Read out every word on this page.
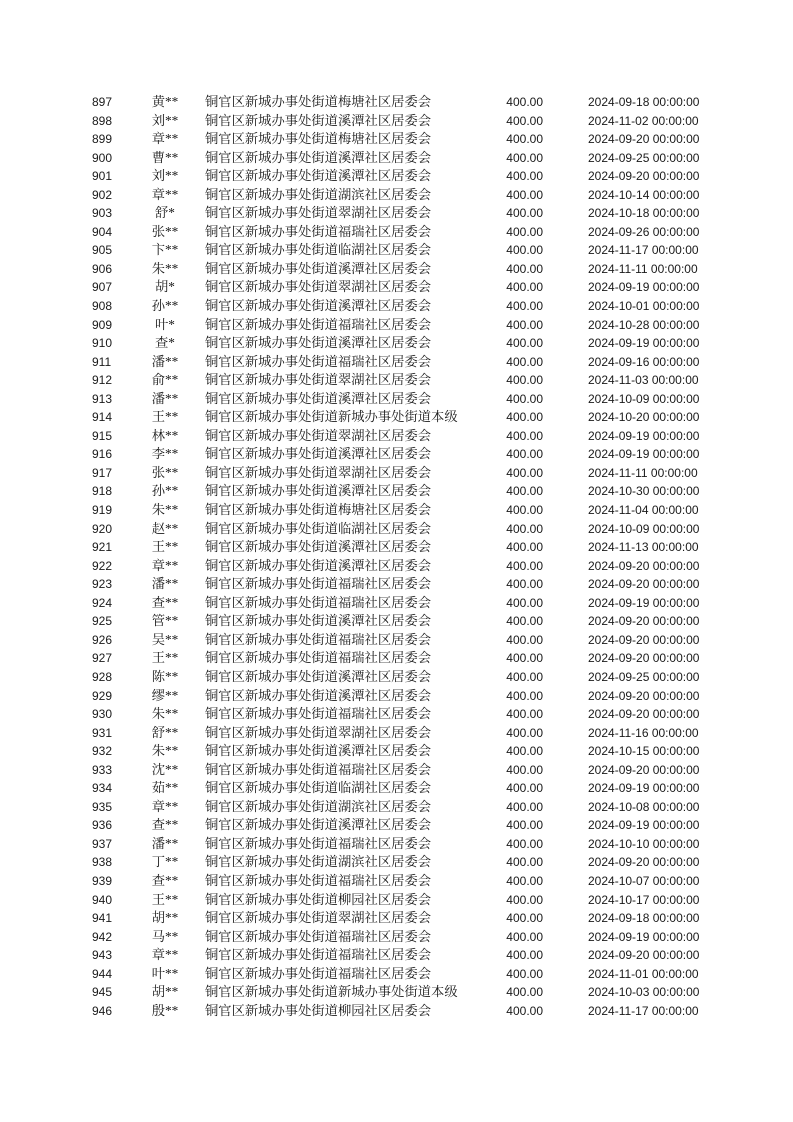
897	黄**	铜官区新城办事处街道梅塘社区居委会	400.00	2024-09-18 00:00:00
898	刘**	铜官区新城办事处街道溪潭社区居委会	400.00	2024-11-02 00:00:00
899	章**	铜官区新城办事处街道梅塘社区居委会	400.00	2024-09-20 00:00:00
900	曹**	铜官区新城办事处街道溪潭社区居委会	400.00	2024-09-25 00:00:00
901	刘**	铜官区新城办事处街道溪潭社区居委会	400.00	2024-09-20 00:00:00
902	章**	铜官区新城办事处街道湖滨社区居委会	400.00	2024-10-14 00:00:00
903	舒*	铜官区新城办事处街道翠湖社区居委会	400.00	2024-10-18 00:00:00
904	张**	铜官区新城办事处街道福瑞社区居委会	400.00	2024-09-26 00:00:00
905	卞**	铜官区新城办事处街道临湖社区居委会	400.00	2024-11-17 00:00:00
906	朱**	铜官区新城办事处街道溪潭社区居委会	400.00	2024-11-11 00:00:00
907	胡*	铜官区新城办事处街道翠湖社区居委会	400.00	2024-09-19 00:00:00
908	孙**	铜官区新城办事处街道溪潭社区居委会	400.00	2024-10-01 00:00:00
909	叶*	铜官区新城办事处街道福瑞社区居委会	400.00	2024-10-28 00:00:00
910	查*	铜官区新城办事处街道溪潭社区居委会	400.00	2024-09-19 00:00:00
911	潘**	铜官区新城办事处街道福瑞社区居委会	400.00	2024-09-16 00:00:00
912	俞**	铜官区新城办事处街道翠湖社区居委会	400.00	2024-11-03 00:00:00
913	潘**	铜官区新城办事处街道溪潭社区居委会	400.00	2024-10-09 00:00:00
914	王**	铜官区新城办事处街道新城办事处街道本级	400.00	2024-10-20 00:00:00
915	林**	铜官区新城办事处街道翠湖社区居委会	400.00	2024-09-19 00:00:00
916	李**	铜官区新城办事处街道溪潭社区居委会	400.00	2024-09-19 00:00:00
917	张**	铜官区新城办事处街道翠湖社区居委会	400.00	2024-11-11 00:00:00
918	孙**	铜官区新城办事处街道溪潭社区居委会	400.00	2024-10-30 00:00:00
919	朱**	铜官区新城办事处街道梅塘社区居委会	400.00	2024-11-04 00:00:00
920	赵**	铜官区新城办事处街道临湖社区居委会	400.00	2024-10-09 00:00:00
921	王**	铜官区新城办事处街道溪潭社区居委会	400.00	2024-11-13 00:00:00
922	章**	铜官区新城办事处街道溪潭社区居委会	400.00	2024-09-20 00:00:00
923	潘**	铜官区新城办事处街道福瑞社区居委会	400.00	2024-09-20 00:00:00
924	查**	铜官区新城办事处街道福瑞社区居委会	400.00	2024-09-19 00:00:00
925	管**	铜官区新城办事处街道溪潭社区居委会	400.00	2024-09-20 00:00:00
926	吴**	铜官区新城办事处街道福瑞社区居委会	400.00	2024-09-20 00:00:00
927	王**	铜官区新城办事处街道福瑞社区居委会	400.00	2024-09-20 00:00:00
928	陈**	铜官区新城办事处街道溪潭社区居委会	400.00	2024-09-25 00:00:00
929	缪**	铜官区新城办事处街道溪潭社区居委会	400.00	2024-09-20 00:00:00
930	朱**	铜官区新城办事处街道福瑞社区居委会	400.00	2024-09-20 00:00:00
931	舒**	铜官区新城办事处街道翠湖社区居委会	400.00	2024-11-16 00:00:00
932	朱**	铜官区新城办事处街道溪潭社区居委会	400.00	2024-10-15 00:00:00
933	沈**	铜官区新城办事处街道福瑞社区居委会	400.00	2024-09-20 00:00:00
934	茹**	铜官区新城办事处街道临湖社区居委会	400.00	2024-09-19 00:00:00
935	章**	铜官区新城办事处街道湖滨社区居委会	400.00	2024-10-08 00:00:00
936	查**	铜官区新城办事处街道溪潭社区居委会	400.00	2024-09-19 00:00:00
937	潘**	铜官区新城办事处街道福瑞社区居委会	400.00	2024-10-10 00:00:00
938	丁**	铜官区新城办事处街道湖滨社区居委会	400.00	2024-09-20 00:00:00
939	查**	铜官区新城办事处街道福瑞社区居委会	400.00	2024-10-07 00:00:00
940	王**	铜官区新城办事处街道柳园社区居委会	400.00	2024-10-17 00:00:00
941	胡**	铜官区新城办事处街道翠湖社区居委会	400.00	2024-09-18 00:00:00
942	马**	铜官区新城办事处街道福瑞社区居委会	400.00	2024-09-19 00:00:00
943	章**	铜官区新城办事处街道福瑞社区居委会	400.00	2024-09-20 00:00:00
944	叶**	铜官区新城办事处街道福瑞社区居委会	400.00	2024-11-01 00:00:00
945	胡**	铜官区新城办事处街道新城办事处街道本级	400.00	2024-10-03 00:00:00
946	殷**	铜官区新城办事处街道柳园社区居委会	400.00	2024-11-17 00:00:00
